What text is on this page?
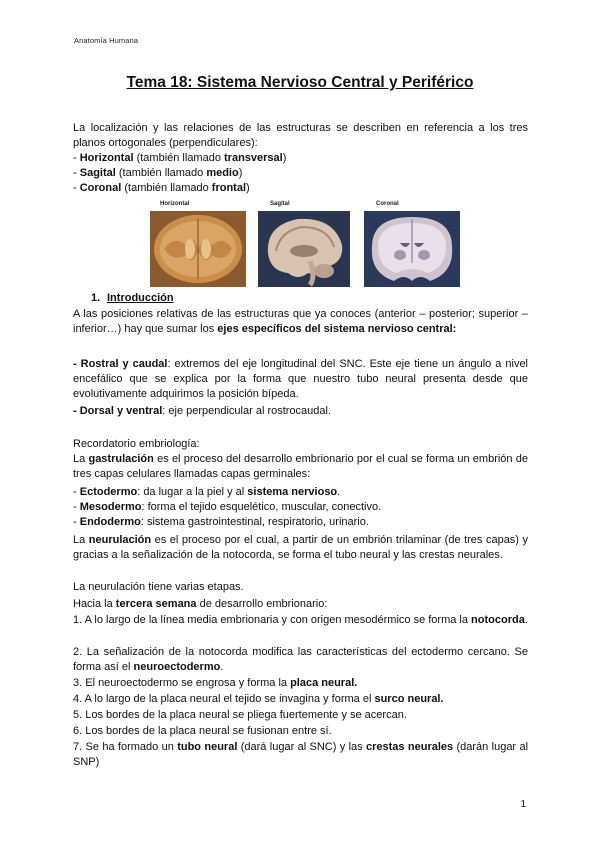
Anatomía Humana
Tema 18: Sistema Nervioso Central y Periférico
La localización y las relaciones de las estructuras se describen en referencia a los tres planos ortogonales (perpendiculares):
- Horizontal (también llamado transversal)
- Sagital (también llamado medio)
- Coronal (también llamado frontal)
Horizontal	Sagital	Coronal
1. Introducción
A las posiciones relativas de las estructuras que ya conoces (anterior – posterior; superior –inferior…) hay que sumar los ejes específicos del sistema nervioso central:
- Rostral y caudal: extremos del eje longitudinal del SNC. Este eje tiene un ángulo a nivel encefálico que se explica por la forma que nuestro tubo neural presenta desde que evolutivamente adquirimos la posición bípeda.
- Dorsal y ventral: eje perpendicular al rostrocaudal.
Recordatorio embriología:
La gastrulación es el proceso del desarrollo embrionario por el cual se forma un embrión de tres capas celulares llamadas capas germinales:
- Ectodermo: da lugar a la piel y al sistema nervioso.
- Mesodermo: forma el tejido esquelético, muscular, conectivo.
- Endodermo: sistema gastrointestinal, respiratorio, urinario.
La neurulación es el proceso por el cual, a partir de un embrión trilaminar (de tres capas) y gracias a la señalización de la notocorda, se forma el tubo neural y las crestas neurales.
La neurulación tiene varias etapas.
Hacia la tercera semana de desarrollo embrionario:
1. A lo largo de la línea media embrionaria y con origen mesodérmico se forma la notocorda.
2. La señalización de la notocorda modifica las características del ectodermo cercano. Se forma así el neuroectodermo.
3. El neuroectodermo se engrosa y forma la placa neural.
4. A lo largo de la placa neural el tejido se invagina y forma el surco neural.
5. Los bordes de la placa neural se pliega fuertemente y se acercan.
6. Los bordes de la placa neural se fusionan entre sí.
7. Se ha formado un tubo neural (dará lugar al SNC) y las crestas neurales (darán lugar al SNP)
1
